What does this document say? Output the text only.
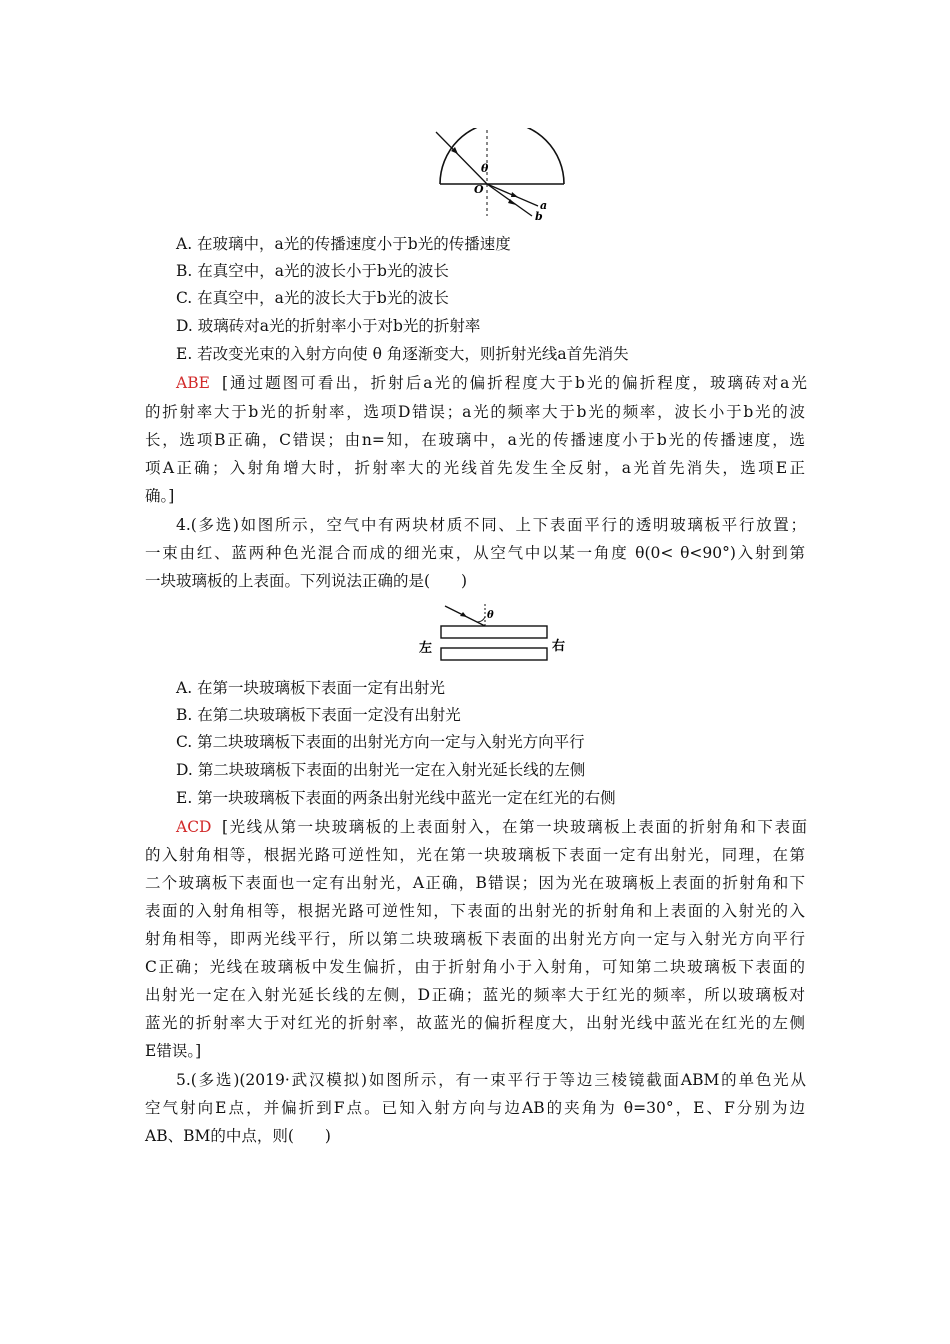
θ
O
a
b
A. 在玻璃中，a光的传播速度小于b光的传播速度
B. 在真空中，a光的波长小于b光的波长
C. 在真空中，a光的波长大于b光的波长
D. 玻璃砖对a光的折射率小于对b光的折射率
E. 若改变光束的入射方向使 θ 角逐渐变大，则折射光线a首先消失
ABE [通过题图可看出，折射后a光的偏折程度大于b光的偏折程度，玻璃砖对a光
的折射率大于b光的折射率，选项D错误；a光的频率大于b光的频率，波长小于b光的波
长，选项B正确，C错误；由n=知，在玻璃中，a光的传播速度小于b光的传播速度，选
项A正确；入射角增大时，折射率大的光线首先发生全反射，a光首先消失，选项E正
确。]
4.(多选)如图所示，空气中有两块材质不同、上下表面平行的透明玻璃板平行放置；
一束由红、蓝两种色光混合而成的细光束，从空气中以某一角度 θ(0< θ<90°)入射到第
一块玻璃板的上表面。下列说法正确的是(　　)
θ
左	右
A. 在第一块玻璃板下表面一定有出射光
B. 在第二块玻璃板下表面一定没有出射光
C. 第二块玻璃板下表面的出射光方向一定与入射光方向平行
D. 第二块玻璃板下表面的出射光一定在入射光延长线的左侧
E. 第一块玻璃板下表面的两条出射光线中蓝光一定在红光的右侧
ACD [光线从第一块玻璃板的上表面射入，在第一块玻璃板上表面的折射角和下表面
的入射角相等，根据光路可逆性知，光在第一块玻璃板下表面一定有出射光，同理，在第
二个玻璃板下表面也一定有出射光，A正确，B错误；因为光在玻璃板上表面的折射角和下
表面的入射角相等，根据光路可逆性知，下表面的出射光的折射角和上表面的入射光的入
射角相等，即两光线平行，所以第二块玻璃板下表面的出射光方向一定与入射光方向平行
C正确；光线在玻璃板中发生偏折，由于折射角小于入射角，可知第二块玻璃板下表面的
出射光一定在入射光延长线的左侧，D正确；蓝光的频率大于红光的频率，所以玻璃板对
蓝光的折射率大于对红光的折射率，故蓝光的偏折程度大，出射光线中蓝光在红光的左侧
E错误。]
5.(多选)(2019·武汉模拟)如图所示，有一束平行于等边三棱镜截面ABM的单色光从
空气射向E点，并偏折到F点。已知入射方向与边AB的夹角为 θ=30°，E、F分别为边
AB、BM的中点，则(　　)
